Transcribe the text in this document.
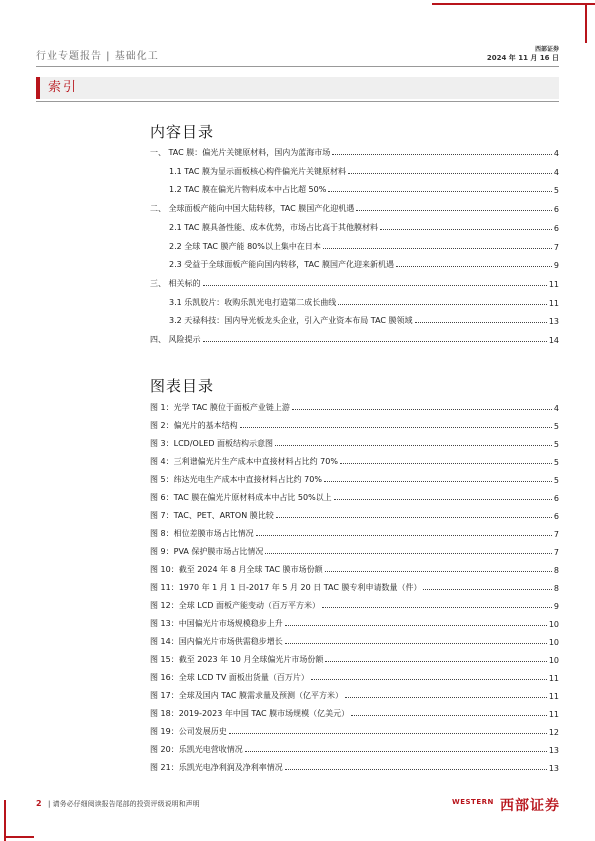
行业专题报告 | 基础化工
西部证券
2024 年 11 月 16 日
索引
内容目录
一、 TAC 膜：偏光片关键原材料，国内为蓝海市场	4
1.1 TAC 膜为显示面板核心构件偏光片关键原材料	4
1.2 TAC 膜在偏光片物料成本中占比超 50%	5
二、 全球面板产能向中国大陆转移，TAC 膜国产化迎机遇	6
2.1 TAC 膜具备性能、成本优势，市场占比高于其他膜材料	6
2.2 全球 TAC 膜产能 80%以上集中在日本	7
2.3 受益于全球面板产能向国内转移，TAC 膜国产化迎来新机遇	9
三、 相关标的	11
3.1 乐凯胶片：收购乐凯光电打造第二成长曲线	11
3.2 天禄科技：国内导光板龙头企业，引入产业资本布局 TAC 膜领域	13
四、 风险提示	14
图表目录
图 1：光学 TAC 膜位于面板产业链上游	4
图 2：偏光片的基本结构	5
图 3：LCD/OLED 面板结构示意图	5
图 4：三利谱偏光片生产成本中直接材料占比约 70%	5
图 5：纬达光电生产成本中直接材料占比约 70%	5
图 6：TAC 膜在偏光片原材料成本中占比 50%以上	6
图 7：TAC、PET、ARTON 膜比较	6
图 8：相位差膜市场占比情况	7
图 9：PVA 保护膜市场占比情况	7
图 10：截至 2024 年 8 月全球 TAC 膜市场份额	8
图 11：1970 年 1 月 1 日-2017 年 5 月 20 日 TAC 膜专利申请数量（件）	8
图 12：全球 LCD 面板产能变动（百万平方米）	9
图 13：中国偏光片市场规模稳步上升	10
图 14：国内偏光片市场供需稳步增长	10
图 15：截至 2023 年 10 月全球偏光片市场份额	10
图 16：全球 LCD TV 面板出货量（百万片）	11
图 17：全球及国内 TAC 膜需求量及预测（亿平方米）	11
图 18：2019-2023 年中国 TAC 膜市场规模（亿美元）	11
图 19：公司发展历史	12
图 20：乐凯光电营收情况	13
图 21：乐凯光电净利润及净利率情况	13
2 | 请务必仔细阅读报告尾部的投资评级说明和声明	WESTERN 西部证券
